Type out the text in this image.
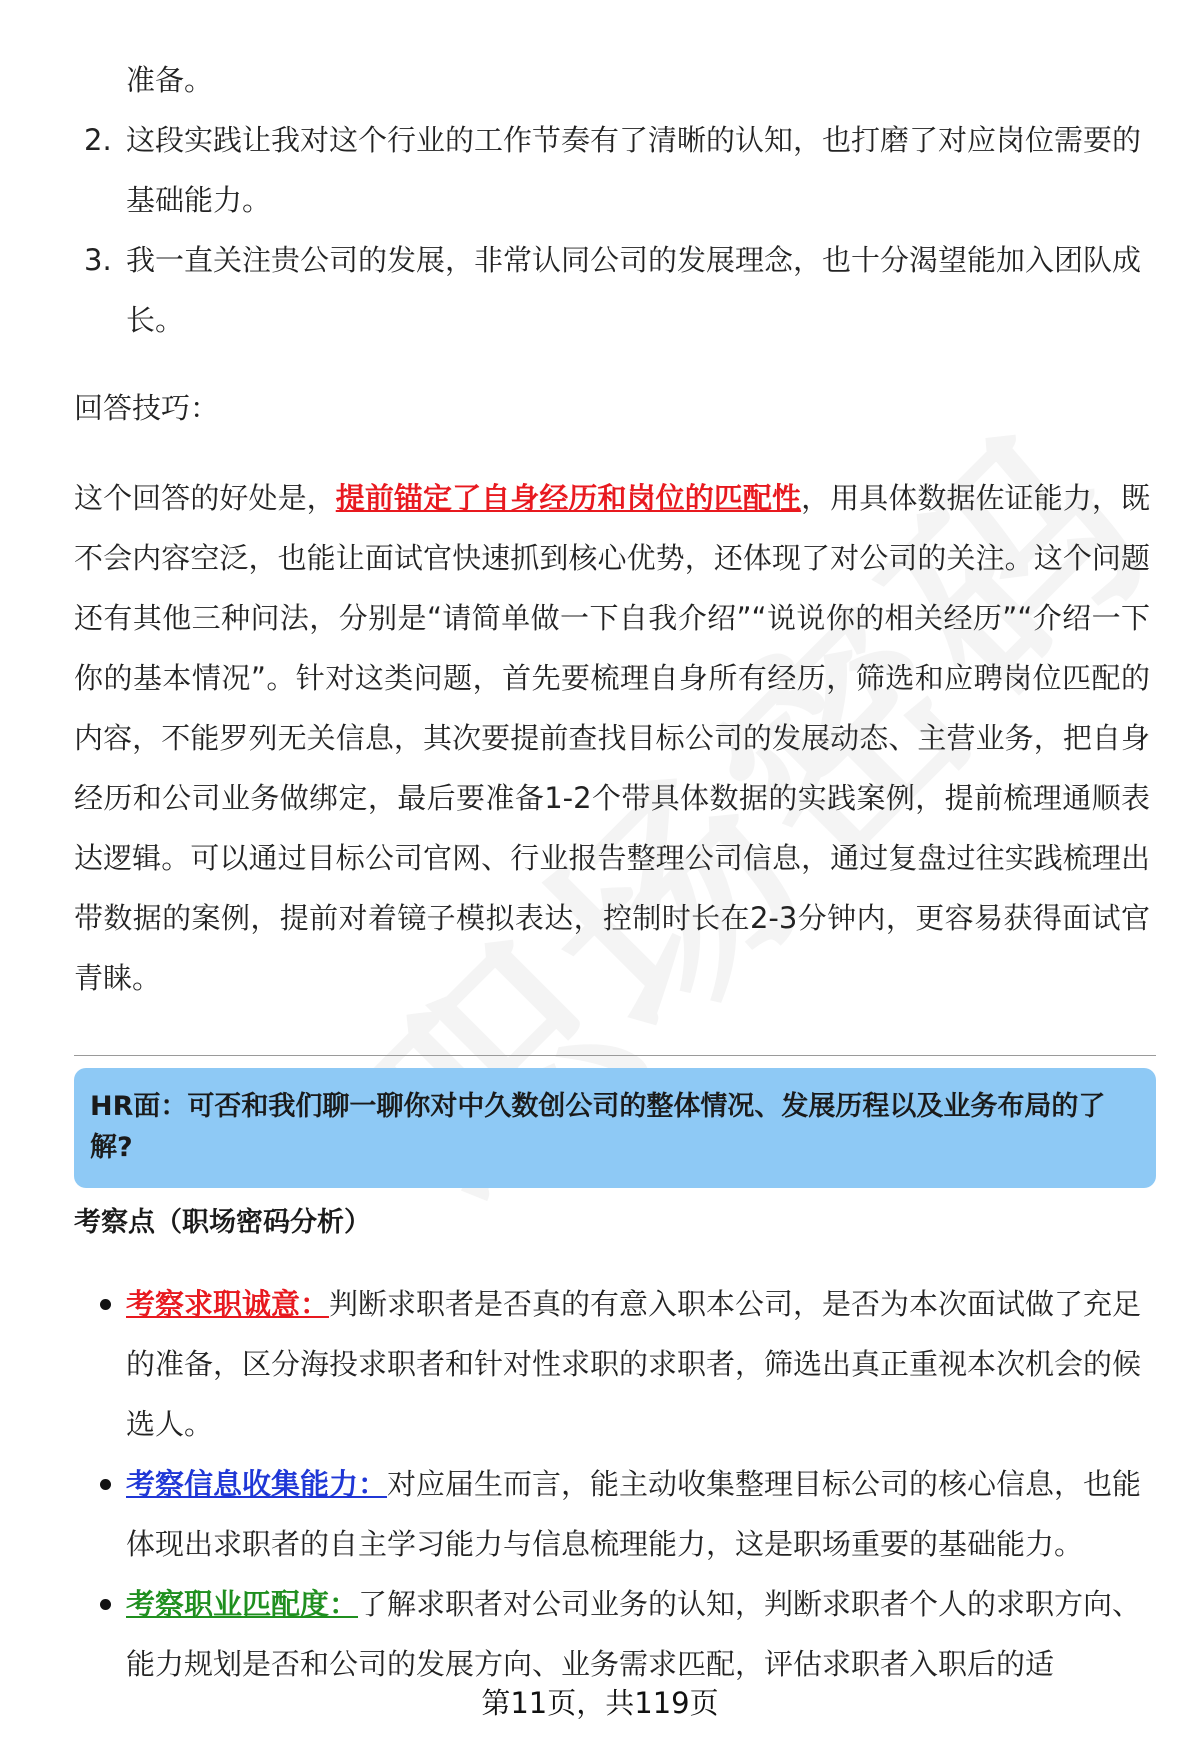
准备。

2. 这段实践让我对这个行业的工作节奏有了清晰的认知，也打磨了对应岗位需要的基础能力。
3. 我一直关注贵公司的发展，非常认同公司的发展理念，也十分渴望能加入团队成长。

回答技巧：

这个回答的好处是，提前锚定了自身经历和岗位的匹配性，用具体数据佐证能力，既不会内容空泛，也能让面试官快速抓到核心优势，还体现了对公司的关注。这个问题还有其他三种问法，分别是“请简单做一下自我介绍”“说说你的相关经历”“介绍一下你的基本情况”。针对这类问题，首先要梳理自身所有经历，筛选和应聘岗位匹配的内容，不能罗列无关信息，其次要提前查找目标公司的发展动态、主营业务，把自身经历和公司业务做绑定，最后要准备1-2个带具体数据的实践案例，提前梳理通顺表达逻辑。可以通过目标公司官网、行业报告整理公司信息，通过复盘过往实践梳理出带数据的案例，提前对着镜子模拟表达，控制时长在2-3分钟内，更容易获得面试官青睐。

HR面：可否和我们聊一聊你对中久数创公司的整体情况、发展历程以及业务布局的了解?

考察点（职场密码分析）

考察求职诚意：判断求职者是否真的有意入职本公司，是否为本次面试做了充足的准备，区分海投求职者和针对性求职的求职者，筛选出真正重视本次机会的候选人。
考察信息收集能力：对应届生而言，能主动收集整理目标公司的核心信息，也能体现出求职者的自主学习能力与信息梳理能力，这是职场重要的基础能力。
考察职业匹配度：了解求职者对公司业务的认知，判断求职者个人的求职方向、能力规划是否和公司的发展方向、业务需求匹配，评估求职者入职后的适
第11页，共119页
